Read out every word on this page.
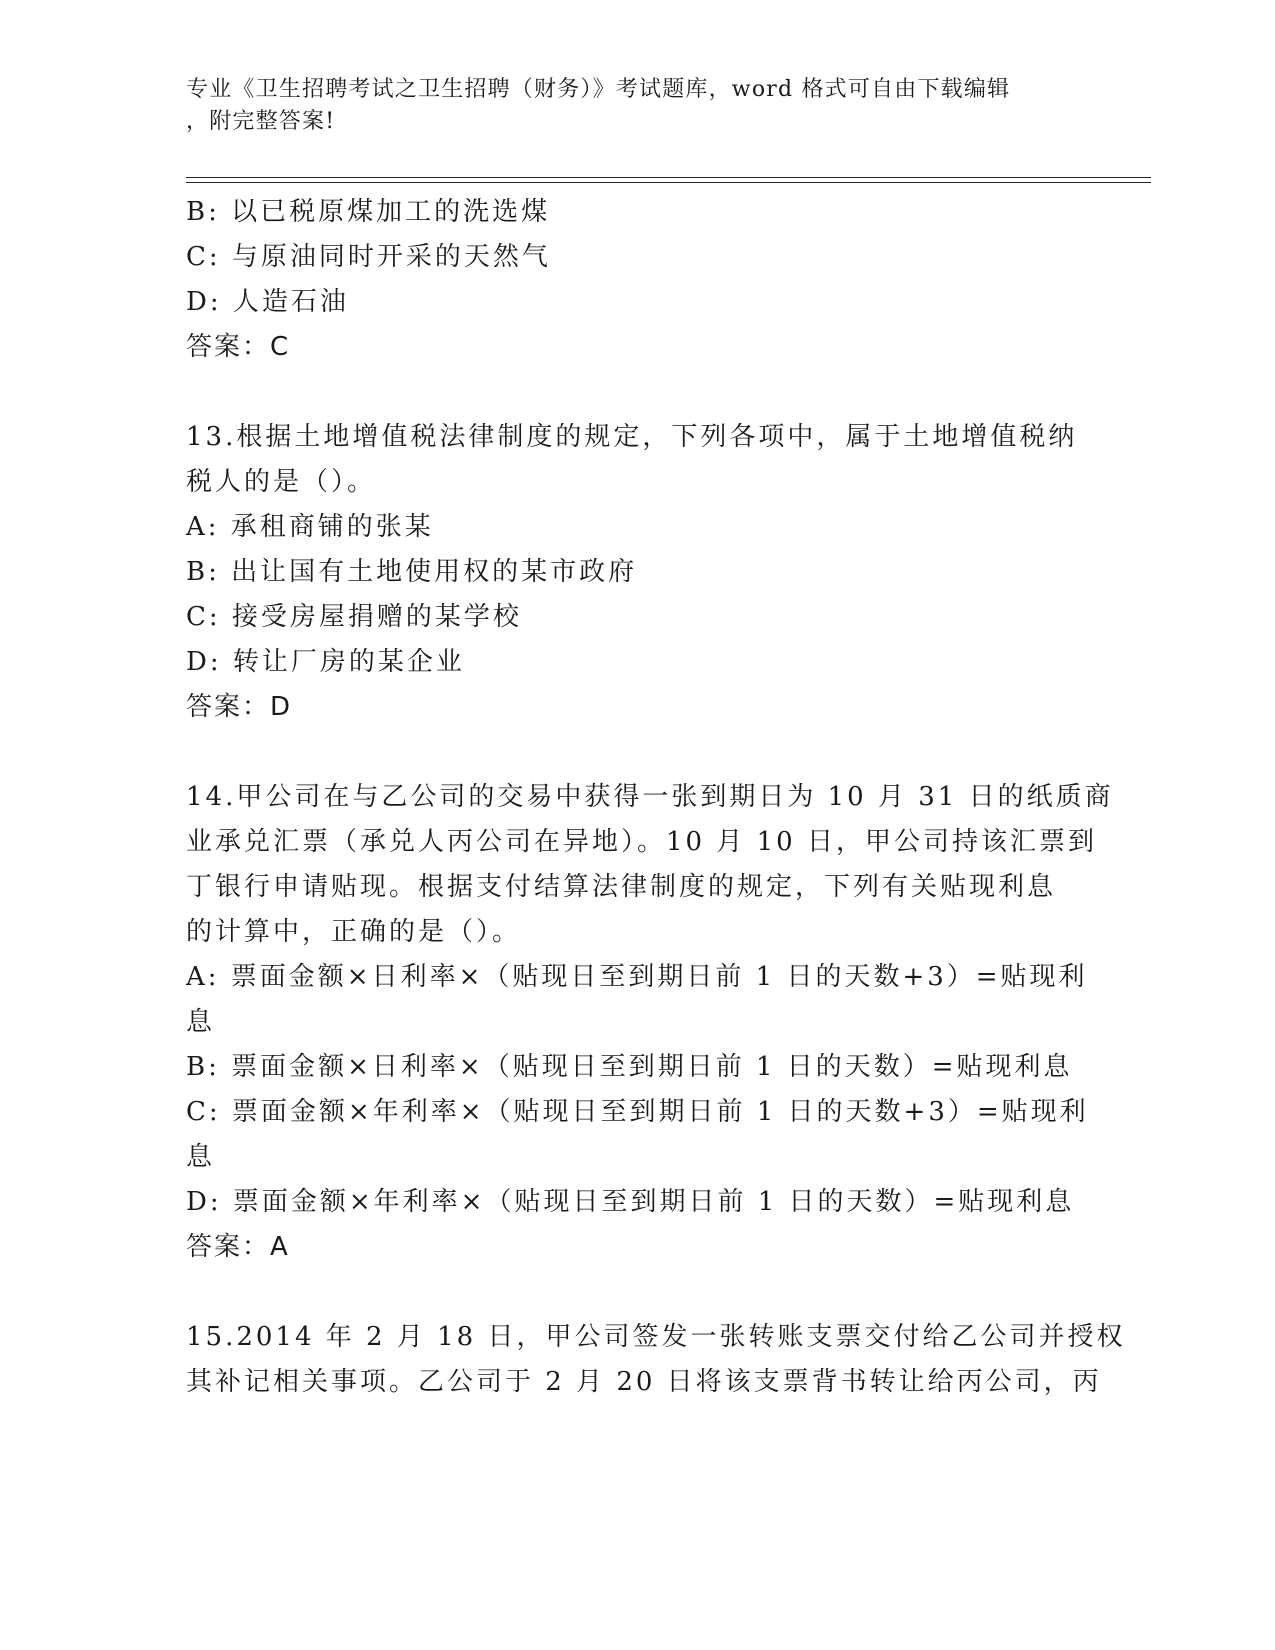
专业《卫生招聘考试之卫生招聘（财务）》考试题库，word 格式可自由下载编辑
，附完整答案!
B: 以已税原煤加工的洗选煤
C: 与原油同时开采的天然气
D: 人造石油
答案：C
13.根据土地增值税法律制度的规定，下列各项中，属于土地增值税纳
税人的是（）。
A: 承租商铺的张某
B: 出让国有土地使用权的某市政府
C: 接受房屋捐赠的某学校
D: 转让厂房的某企业
答案：D
14.甲公司在与乙公司的交易中获得一张到期日为 10 月 31 日的纸质商
业承兑汇票（承兑人丙公司在异地）。10 月 10 日，甲公司持该汇票到
丁银行申请贴现。根据支付结算法律制度的规定，下列有关贴现利息
的计算中，正确的是（）。
A: 票面金额×日利率×（贴现日至到期日前 1 日的天数+3）=贴现利
息
B: 票面金额×日利率×（贴现日至到期日前 1 日的天数）=贴现利息
C: 票面金额×年利率×（贴现日至到期日前 1 日的天数+3）=贴现利
息
D: 票面金额×年利率×（贴现日至到期日前 1 日的天数）=贴现利息
答案：A
15.2014 年 2 月 18 日，甲公司签发一张转账支票交付给乙公司并授权
其补记相关事项。乙公司于 2 月 20 日将该支票背书转让给丙公司，丙
